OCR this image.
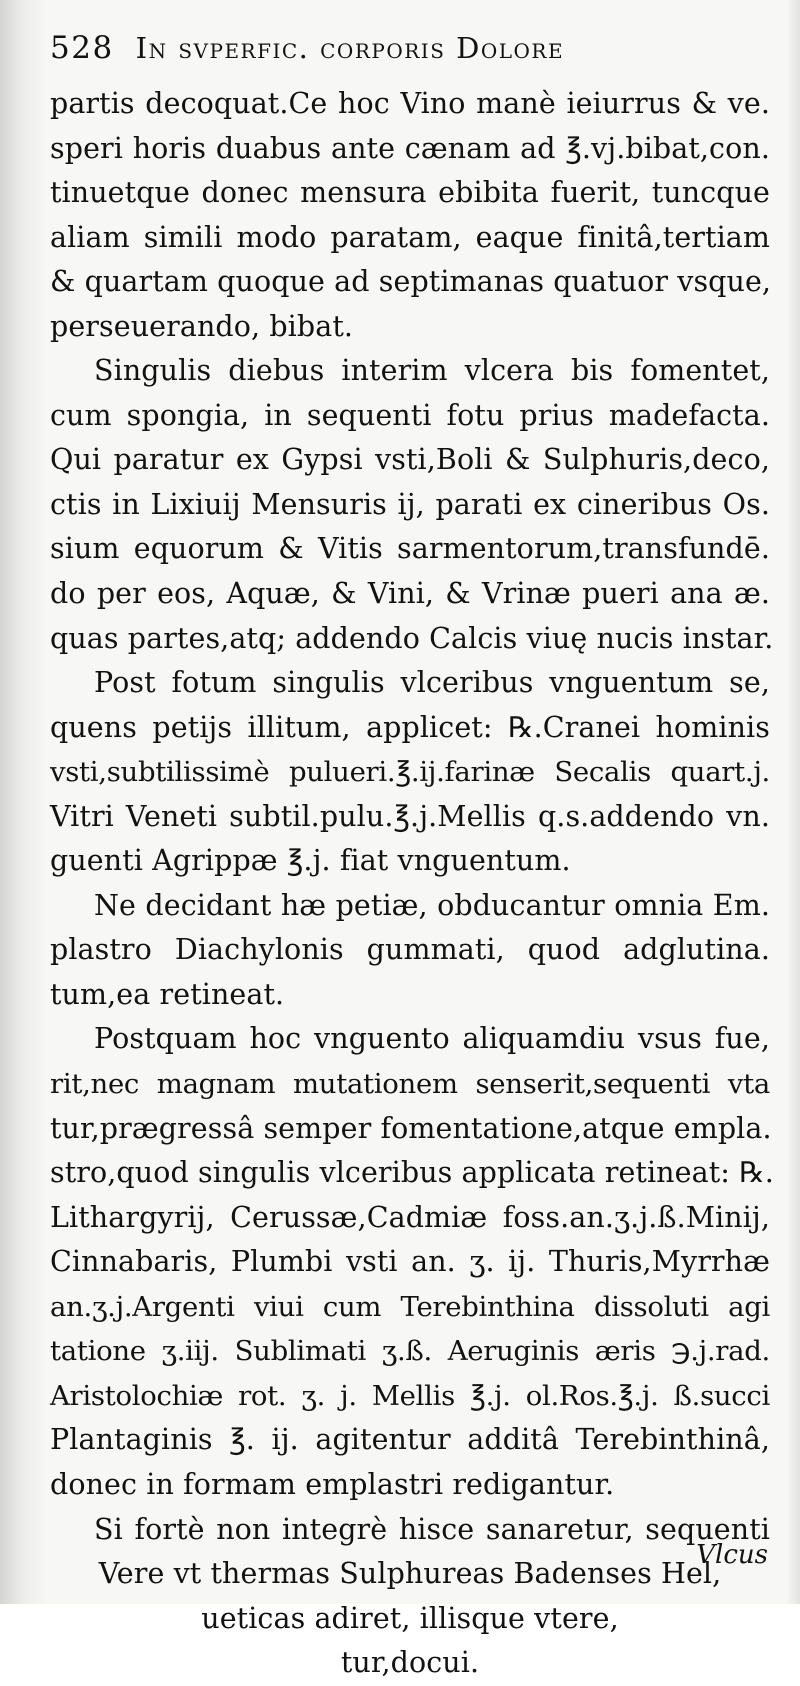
528 In svperfic. corporis Dolore
partis decoquat.Ce hoc Vino manè ieiurrus & ve.
speri horis duabus ante cænam ad ℥.vj.bibat,con.
tinuetque donec mensura ebibita fuerit, tuncque
aliam simili modo paratam, eaque finitâ,tertiam
& quartam quoque ad septimanas quatuor vsque,
perseuerando, bibat.
Singulis diebus interim vlcera bis fomentet,
cum spongia, in sequenti fotu prius madefacta.
Qui paratur ex Gypsi vsti,Boli & Sulphuris,deco,
ctis in Lixiuij Mensuris ij, parati ex cineribus Os.
sium equorum & Vitis sarmentorum,transfundē.
do per eos, Aquæ, & Vini, & Vrinæ pueri ana æ.
quas partes,atq; addendo Calcis viuę nucis instar.
Post fotum singulis vlceribus vnguentum se,
quens petijs illitum, applicet: ℞.Cranei hominis
vsti,subtilissimè pulueri.℥.ij.farinæ Secalis quart.j.
Vitri Veneti subtil.pulu.℥.j.Mellis q.s.addendo vn.
guenti Agrippæ ℥.j. fiat vnguentum.
Ne decidant hæ petiæ, obducantur omnia Em.
plastro Diachylonis gummati, quod adglutina.
tum,ea retineat.
Postquam hoc vnguento aliquamdiu vsus fue,
rit,nec magnam mutationem senserit,sequenti vta
tur,prægressâ semper fomentatione,atque empla.
stro,quod singulis vlceribus applicata retineat: ℞.
Lithargyrij, Cerussæ,Cadmiæ foss.an.ʒ.j.ß.Minij,
Cinnabaris, Plumbi vsti an. ʒ. ij. Thuris,Myrrhæ
an.ʒ.j.Argenti viui cum Terebinthina dissoluti agi
tatione ʒ.iij. Sublimati ʒ.ß. Aeruginis æris ℈.j.rad.
Aristolochiæ rot. ʒ. j. Mellis ℥.j. ol.Ros.℥.j. ß.succi
Plantaginis ℥. ij. agitentur additâ Terebinthinâ,
donec in formam emplastri redigantur.
Si fortè non integrè hisce sanaretur, sequenti
Vere vt thermas Sulphureas Badenses Hel,
ueticas adiret, illisque vtere,
tur,docui.
Vlcus
